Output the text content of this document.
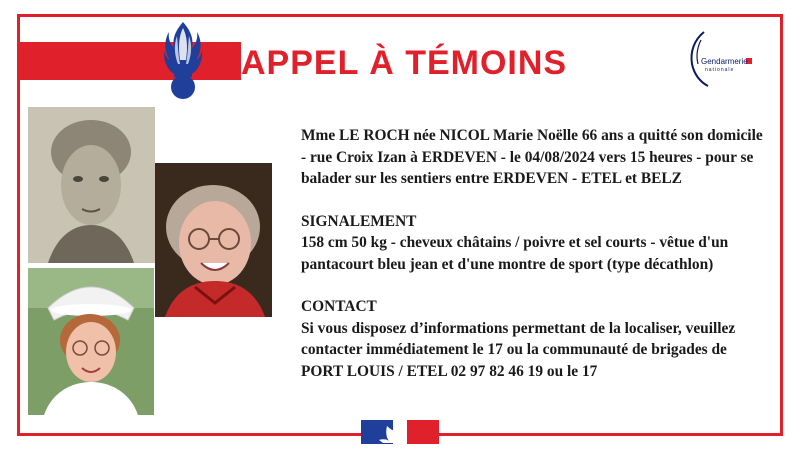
APPEL À TÉMOINS	Gendarmerie
nationale

Mme LE ROCH née NICOL Marie Noëlle 66 ans a quitté son domicile - rue Croix Izan à ERDEVEN - le 04/08/2024 vers 15 heures - pour se balader sur les sentiers entre ERDEVEN - ETEL et BELZ

SIGNALEMENT

158 cm 50 kg - cheveux châtains / poivre et sel courts - vêtue d'un pantacourt bleu jean et d'une montre de sport (type décathlon)

CONTACT

Si vous disposez d’informations permettant de la localiser, veuillez contacter immédiatement le 17 ou la communauté de brigades de PORT LOUIS / ETEL 02 97 82 46 19 ou le 17
